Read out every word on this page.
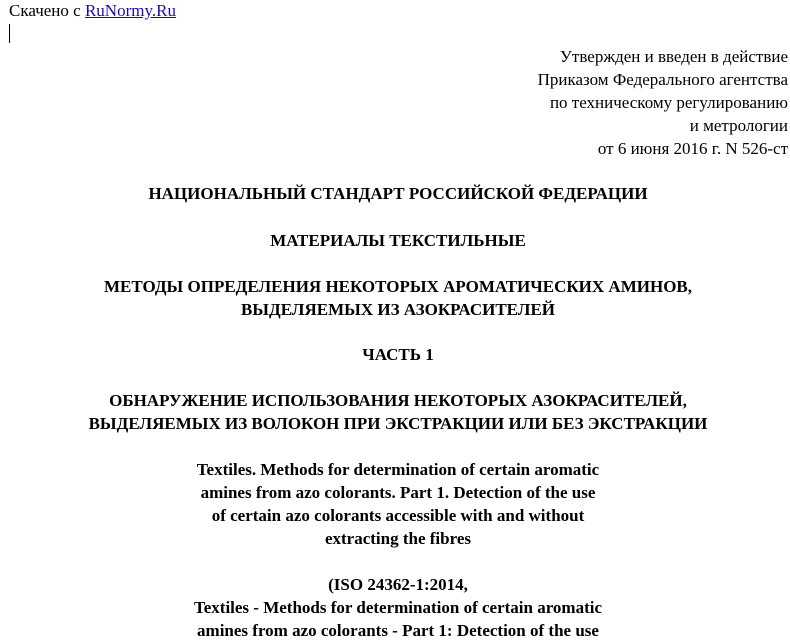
Скачено с RuNormy.Ru
Утвержден и введен в действие
Приказом Федерального агентства
по техническому регулированию
и метрологии
от 6 июня 2016 г. N 526-ст
НАЦИОНАЛЬНЫЙ СТАНДАРТ РОССИЙСКОЙ ФЕДЕРАЦИИ
МАТЕРИАЛЫ ТЕКСТИЛЬНЫЕ
МЕТОДЫ ОПРЕДЕЛЕНИЯ НЕКОТОРЫХ АРОМАТИЧЕСКИХ АМИНОВ,
ВЫДЕЛЯЕМЫХ ИЗ АЗОКРАСИТЕЛЕЙ
ЧАСТЬ 1
ОБНАРУЖЕНИЕ ИСПОЛЬЗОВАНИЯ НЕКОТОРЫХ АЗОКРАСИТЕЛЕЙ,
ВЫДЕЛЯЕМЫХ ИЗ ВОЛОКОН ПРИ ЭКСТРАКЦИИ ИЛИ БЕЗ ЭКСТРАКЦИИ
Textiles. Methods for determination of certain aromatic
amines from azo colorants. Part 1. Detection of the use
of certain azo colorants accessible with and without
extracting the fibres
(ISO 24362-1:2014,
Textiles - Methods for determination of certain aromatic
amines from azo colorants - Part 1: Detection of the use
